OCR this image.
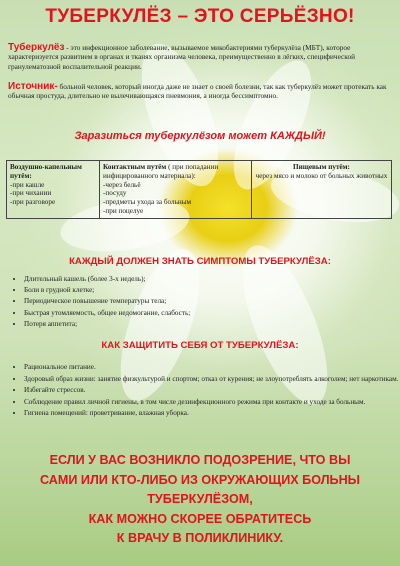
ТУБЕРКУЛЁЗ – ЭТО СЕРЬЁЗНО!
Туберкулёз - это инфекционное заболевание, вызываемое микобактериями туберкулёза (МБТ), которое характеризуется развитием в органах и тканях организма человека, преимущественно в лёгких, специфической гранулематозной воспалительной реакции.
Источник- больной человек, который иногда даже не знает о своей болезни, так как туберкулёз может протекать как обычная простуда, длительно не вылечивающаяся пневмония, а иногда бессимптомно.
Заразиться туберкулёзом может КАЖДЫЙ!
Воздушно-капельным путём:
-при кашле
-при чихании
-при разговоре

Контактным путём ( при попадании инфицированного материала):
-через бельё
-посуду
-предметы ухода за больным
-при поцелуе

Пищевым путём:
через мясо и молоко от больных животных
КАЖДЫЙ ДОЛЖЕН ЗНАТЬ СИМПТОМЫ ТУБЕРКУЛЁЗА:
• Длительный кашель (более 3-х недель);
• Боли в грудной клетке;
• Периодическое повышение температуры тела;
• Быстрая утомляемость, общее недомогание, слабость;
• Потеря аппетита;
КАК ЗАЩИТИТЬ СЕБЯ ОТ ТУБЕРКУЛЁЗА:
• Рациональное питание.
• Здоровый образ жизни: занятие физкультурой и спортом; отказ от курения; не злоупотреблять алкоголем; нет наркотикам.
• Избегайте стрессов.
• Соблюдение правил личной гигиены, в том числе дезинфекционного режима при контакте и уходе за больным.
• Гигиена помещений: проветривание, влажная уборка.
ЕСЛИ У ВАС ВОЗНИКЛО ПОДОЗРЕНИЕ, ЧТО ВЫ
САМИ ИЛИ КТО-ЛИБО ИЗ ОКРУЖАЮЩИХ БОЛЬНЫ
ТУБЕРКУЛЁЗОМ,
КАК МОЖНО СКОРЕЕ ОБРАТИТЕСЬ
К ВРАЧУ В ПОЛИКЛИНИКУ.
